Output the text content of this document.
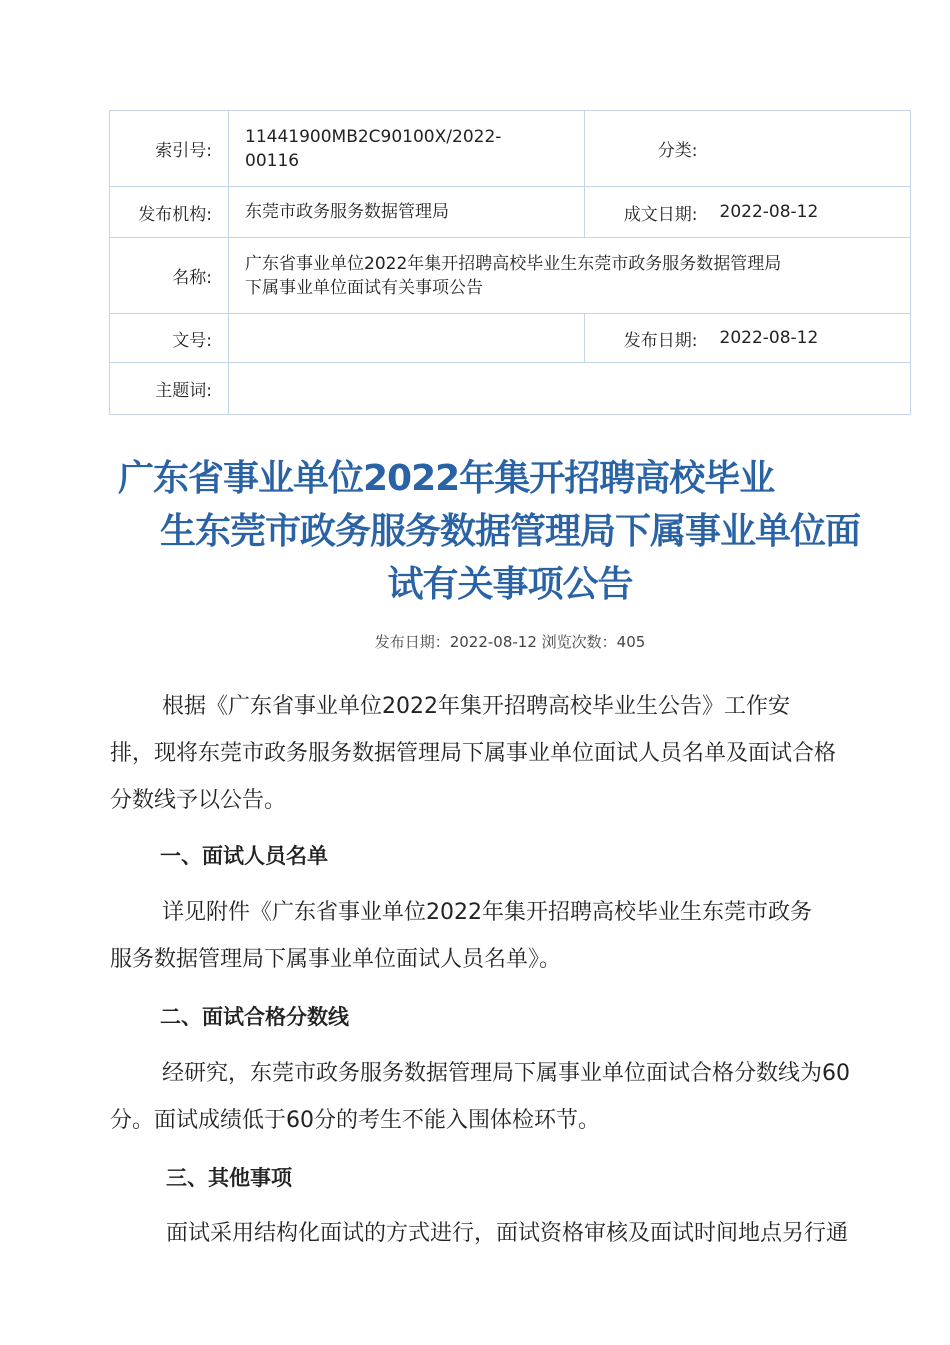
索引号:	11441900MB2C90100X/2022-
00116	分类:	
发布机构:	东莞市政务服务数据管理局	成文日期:	2022-08-12
名称:	广东省事业单位2022年集开招聘高校毕业生东莞市政务服务数据管理局
下属事业单位面试有关事项公告		

文号:		发布日期:	2022-08-12
主题词:			
广东省事业单位2022年集开招聘高校毕业
生东莞市政务服务数据管理局下属事业单位面
试有关事项公告
发布日期：2022-08-12 浏览次数：405

根据《广东省事业单位2022年集开招聘高校毕业生公告》工作安
排，现将东莞市政务服务数据管理局下属事业单位面试人员名单及面试合格
分数线予以公告。

一、面试人员名单

详见附件《广东省事业单位2022年集开招聘高校毕业生东莞市政务
服务数据管理局下属事业单位面试人员名单》。

二、面试合格分数线

经研究，东莞市政务服务数据管理局下属事业单位面试合格分数线为60
分。面试成绩低于60分的考生不能入围体检环节。

三、其他事项

面试采用结构化面试的方式进行，面试资格审核及面试时间地点另行通
